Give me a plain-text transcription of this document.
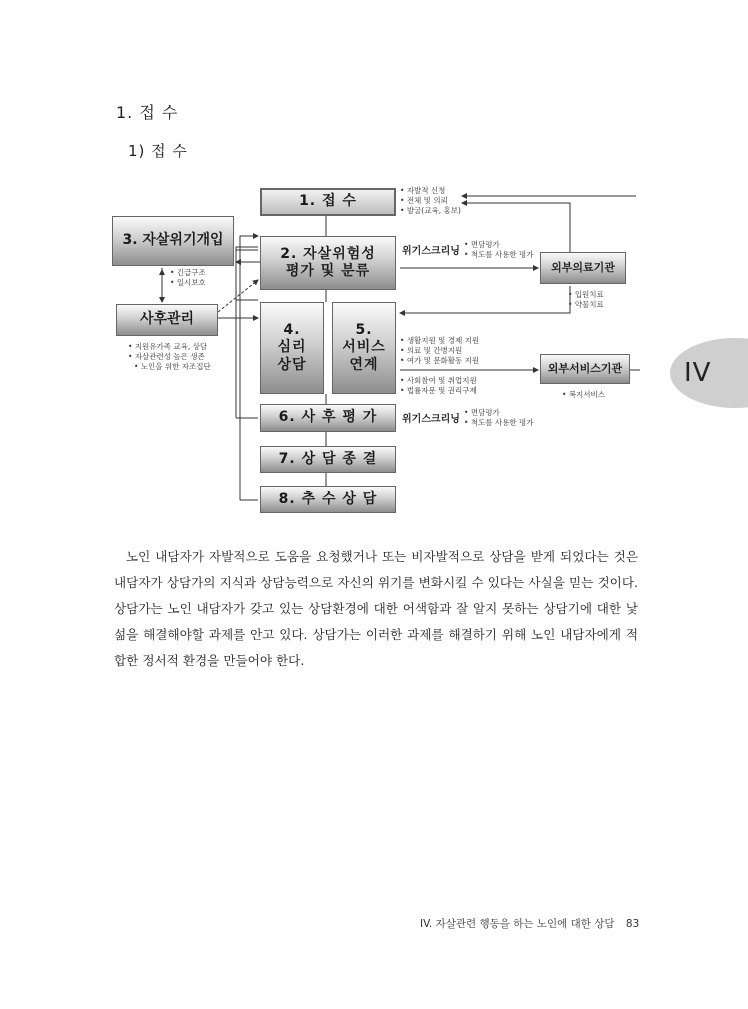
1. 접 수
1) 접 수
1. 접 수
2. 자살위험성
평가 및 분류
3. 자살위기개입
사후관리
4.
심리
상담
5.
서비스
연계
6. 사 후 평 가
7. 상 담 종 결
8. 추 수 상 담
외부의료기관
외부서비스기관
• 자발적 신청
• 전체 및 의뢰
• 발굴(교육, 홍보)
위기스크리닝
• 면담평가
• 척도를 사용한 평가
• 긴급구조
• 일시보호
• 지원유가족 교육, 상담
• 자살관련성 높은 생존
• 노인을 위한 자조집단
• 입원치료
• 약물치료
• 생활지원 및 경제 지원
• 의료 및 간병지원
• 여가 및 문화활동 지원
• 사회참여 및 취업지원
• 법률자문 및 권리구제
•	복지서비스
위기스크리닝
• 면담평가
• 척도를 사용한 평가
IV
노인 내담자가 자발적으로 도움을 요청했거나 또는 비자발적으로 상담을 받게 되었다는 것은 내담자가 상담가의 지식과 상담능력으로 자신의 위기를 변화시킬 수 있다는 사실을 믿는 것이다. 상담가는 노인 내담자가 갖고 있는 상담환경에 대한 어색함과 잘 알지 못하는 상담기에 대한 낯섦을 해결해야할 과제를 안고 있다. 상담가는 이러한 과제를 해결하기 위해 노인 내담자에게 적합한 정서적 환경을 만들어야 한다.
IV. 자살관련 행동을 하는 노인에 대한 상담 83
